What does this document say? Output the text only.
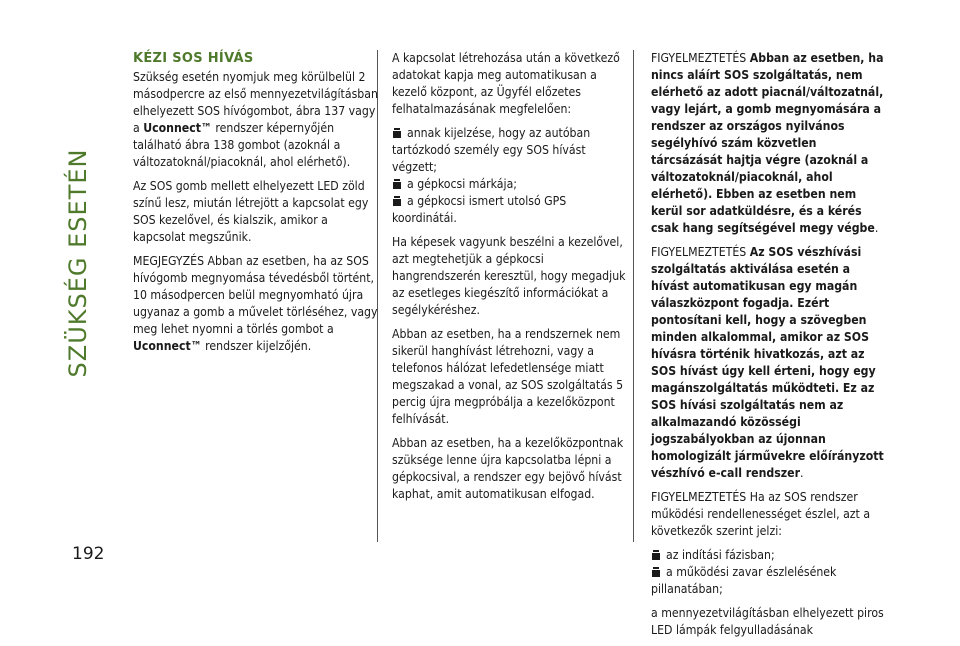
SZÜKSÉG ESETÉN
192
KÉZI SOS HÍVÁS

Szükség esetén nyomjuk meg körülbelül 2 másodpercre az első mennyezetvilágításban elhelyezett SOS hívógombot, ábra 137 vagy a Uconnect™ rendszer képernyőjén található ábra 138 gombot (azoknál a változatoknál/piacoknál, ahol elérhető).

Az SOS gomb mellett elhelyezett LED zöld színű lesz, miután létrejött a kapcsolat egy SOS kezelővel, és kialszik, amikor a kapcsolat megszűnik.

MEGJEGYZÉS Abban az esetben, ha az SOS hívógomb megnyomása tévedésből történt, 10 másodpercen belül megnyomható újra ugyanaz a gomb a művelet törléséhez, vagy meg lehet nyomni a törlés gombot a Uconnect™ rendszer kijelzőjén.

A kapcsolat létrehozása után a következő adatokat kapja meg automatikusan a kezelő központ, az Ügyfél előzetes felhatalmazásának megfelelően:

annak kijelzése, hogy az autóban tartózkodó személy egy SOS hívást végzett;
a gépkocsi márkája;
a gépkocsi ismert utolsó GPS koordinátái.

Ha képesek vagyunk beszélni a kezelővel, azt megtehetjük a gépkocsi hangrendszerén keresztül, hogy megadjuk az esetleges kiegészítő információkat a segélykéréshez.

Abban az esetben, ha a rendszernek nem sikerül hanghívást létrehozni, vagy a telefonos hálózat lefedetlensége miatt megszakad a vonal, az SOS szolgáltatás 5 percig újra megpróbálja a kezelőközpont felhívását.

Abban az esetben, ha a kezelőközpontnak szüksége lenne újra kapcsolatba lépni a gépkocsival, a rendszer egy bejövő hívást kaphat, amit automatikusan elfogad.

FIGYELMEZTETÉS Abban az esetben, ha nincs aláírt SOS szolgáltatás, nem elérhető az adott piacnál/változatnál, vagy lejárt, a gomb megnyomására a rendszer az országos nyilvános segélyhívó szám közvetlen tárcsázását hajtja végre (azoknál a változatoknál/piacoknál, ahol elérhető). Ebben az esetben nem kerül sor adatküldésre, és a kérés csak hang segítségével megy végbe.

FIGYELMEZTETÉS Az SOS vészhívási szolgáltatás aktiválása esetén a hívást automatikusan egy magán válaszközpont fogadja. Ezért pontosítani kell, hogy a szövegben minden alkalommal, amikor az SOS hívásra történik hivatkozás, azt az SOS hívást úgy kell érteni, hogy egy magánszolgáltatás működteti. Ez az SOS hívási szolgáltatás nem az alkalmazandó közösségi jogszabályokban az újonnan homologizált járművekre előírányzott vészhívó e-call rendszer.

FIGYELMEZTETÉS Ha az SOS rendszer működési rendellenességet észlel, azt a következők szerint jelzi:

az indítási fázisban;
a működési zavar észlelésének pillanatában;

a mennyezetvilágításban elhelyezett piros LED lámpák felgyulladásának
